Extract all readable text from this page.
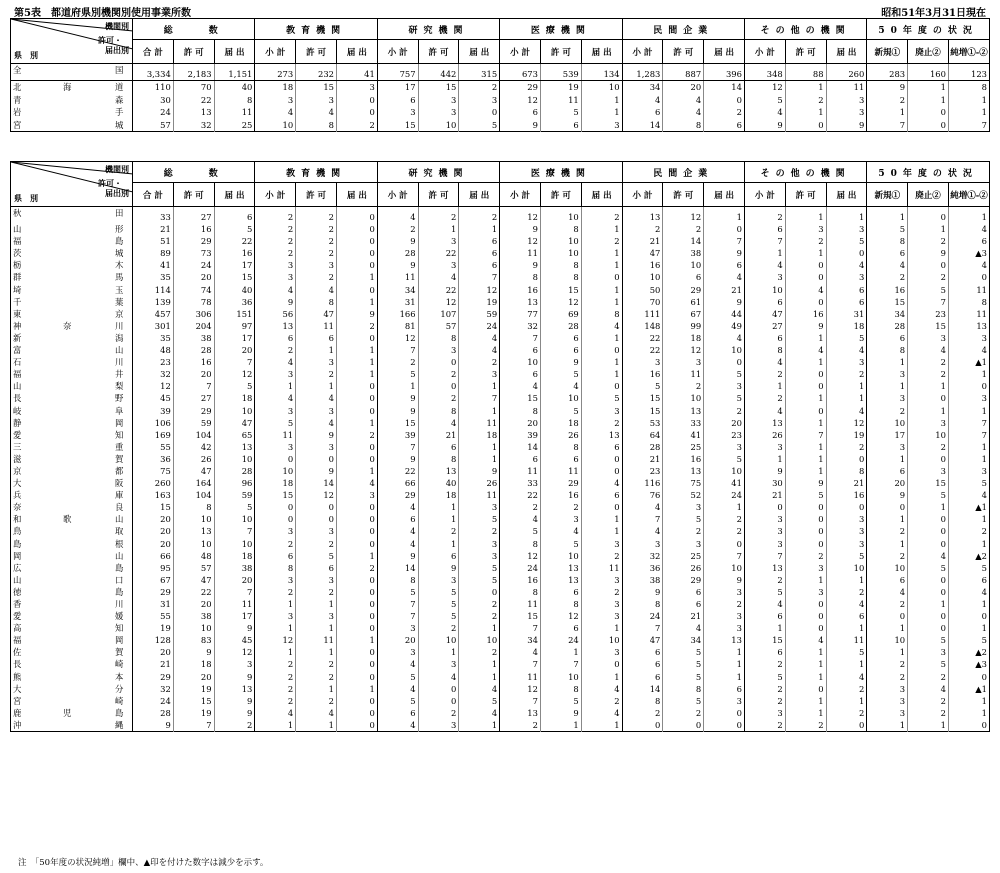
第5表　都道府県別機関別使用事業所数	昭和51年3月31日現在
機関別
許可・
届出別
県　別	総　　数			教育機関			研究機関			医療機関			民間企業			その他の機関			50年度の状況		
	合 計	許 可	届 出	小 計	許 可	届 出	小 計	許 可	届 出	小 計	許 可	届 出	小 計	許 可	届 出	小 計	許 可	届 出	新規①	廃止②	純増①-②

全 国	3,334	2,183	1,151	273	232	41	757	442	315	673	539	134	1,283	887	396	348	88	260	283	160	123

北 海 道	110	70	40	18	15	3	17	15	2	29	19	10	34	20	14	12	1	11	9	1	8

青 森	30	22	8	3	3	0	6	3	3	12	11	1	4	4	0	5	2	3	2	1	1

岩 手	24	13	11	4	4	0	3	3	0	6	5	1	6	4	2	4	1	3	1	0	1

宮 城	57	32	25	10	8	2	15	10	5	9	6	3	14	8	6	9	0	9	7	0	7
機関別
許可・
届出別
県　別	総　　数			教育機関			研究機関			医療機関			民間企業			その他の機関			50年度の状況		
	合 計	許 可	届 出	小 計	許 可	届 出	小 計	許 可	届 出	小 計	許 可	届 出	小 計	許 可	届 出	小 計	許 可	届 出	新規①	廃止②	純増①-②

秋 田	33	27	6	2	2	0	4	2	2	12	10	2	13	12	1	2	1	1	1	0	1

山 形	21	16	5	2	2	0	2	1	1	9	8	1	2	2	0	6	3	3	5	1	4

福 島	51	29	22	2	2	0	9	3	6	12	10	2	21	14	7	7	2	5	8	2	6

茨 城	89	73	16	2	2	0	28	22	6	11	10	1	47	38	9	1	1	0	6	9	▲3

栃 木	41	24	17	3	3	0	9	3	6	9	8	1	16	10	6	4	0	4	4	0	4

群 馬	35	20	15	3	2	1	11	4	7	8	8	0	10	6	4	3	0	3	2	2	0

埼 玉	114	74	40	4	4	0	34	22	12	16	15	1	50	29	21	10	4	6	16	5	11

千 葉	139	78	36	9	8	1	31	12	19	13	12	1	70	61	9	6	0	6	15	7	8

東 京	457	306	151	56	47	9	166	107	59	77	69	8	111	67	44	47	16	31	34	23	11

神 奈 川	301	204	97	13	11	2	81	57	24	32	28	4	148	99	49	27	9	18	28	15	13

新 潟	35	38	17	6	6	0	12	8	4	7	6	1	22	18	4	6	1	5	6	3	3

富 山	48	28	20	2	1	1	7	3	4	6	6	0	22	12	10	8	4	4	8	4	4

石 川	23	16	7	4	3	1	2	0	2	10	9	1	3	3	0	4	1	3	1	2	▲1

福 井	32	20	12	3	2	1	5	2	3	6	5	1	16	11	5	2	0	2	3	2	1

山 梨	12	7	5	1	1	0	1	0	1	4	4	0	5	2	3	1	0	1	1	1	0

長 野	45	27	18	4	4	0	9	2	7	15	10	5	15	10	5	2	1	1	3	0	3

岐 阜	39	29	10	3	3	0	9	8	1	8	5	3	15	13	2	4	0	4	2	1	1

静 岡	106	59	47	5	4	1	15	4	11	20	18	2	53	33	20	13	1	12	10	3	7

愛 知	169	104	65	11	9	2	39	21	18	39	26	13	64	41	23	26	7	19	17	10	7

三 重	55	42	13	3	3	0	7	6	1	14	8	6	28	25	3	3	1	2	3	2	1

滋 賀	36	26	10	0	0	0	9	8	1	6	6	0	21	16	5	1	1	0	1	0	1

京 都	75	47	28	10	9	1	22	13	9	11	11	0	23	13	10	9	1	8	6	3	3

大 阪	260	164	96	18	14	4	66	40	26	33	29	4	116	75	41	30	9	21	20	15	5

兵 庫	163	104	59	15	12	3	29	18	11	22	16	6	76	52	24	21	5	16	9	5	4

奈 良	15	8	5	0	0	0	4	1	3	2	2	0	4	3	1	0	0	0	0	1	▲1

和 歌 山	20	10	10	0	0	0	6	1	5	4	3	1	7	5	2	3	0	3	1	0	1

鳥 取	20	13	7	3	3	0	4	2	2	5	4	1	4	2	2	3	0	3	2	0	2

島 根	20	10	10	2	2	0	4	1	3	8	5	3	3	3	0	3	0	3	1	0	1

岡 山	66	48	18	6	5	1	9	6	3	12	10	2	32	25	7	7	2	5	2	4	▲2

広 島	95	57	38	8	6	2	14	9	5	24	13	11	36	26	10	13	3	10	10	5	5

山 口	67	47	20	3	3	0	8	3	5	16	13	3	38	29	9	2	1	1	6	0	6

徳 島	29	22	7	2	2	0	5	5	0	8	6	2	9	6	3	5	3	2	4	0	4

香 川	31	20	11	1	1	0	7	5	2	11	8	3	8	6	2	4	0	4	2	1	1

愛 媛	55	38	17	3	3	0	7	5	2	15	12	3	24	21	3	6	0	6	0	0	0

高 知	19	10	9	1	1	0	3	2	1	7	6	1	7	4	3	1	0	1	1	0	1

福 岡	128	83	45	12	11	1	20	10	10	34	24	10	47	34	13	15	4	11	10	5	5

佐 賀	20	9	12	1	1	0	3	1	2	4	1	3	6	5	1	6	1	5	1	3	▲2

長 崎	21	18	3	2	2	0	4	3	1	7	7	0	6	5	1	2	1	1	2	5	▲3

熊 本	29	20	9	2	2	0	5	4	1	11	10	1	6	5	1	5	1	4	2	2	0

大 分	32	19	13	2	1	1	4	0	4	12	8	4	14	8	6	2	0	2	3	4	▲1

宮 崎	24	15	9	2	2	0	5	0	5	7	5	2	8	5	3	2	1	1	3	2	1

鹿 児 島	28	19	9	4	4	0	6	2	4	13	9	4	2	2	0	3	1	2	3	2	1

沖 縄	9	7	2	1	1	0	4	3	1	2	1	1	0	0	0	2	2	0	1	1	0
注　「50年度の状況純増」欄中、▲印を付けた数字は減少を示す。
